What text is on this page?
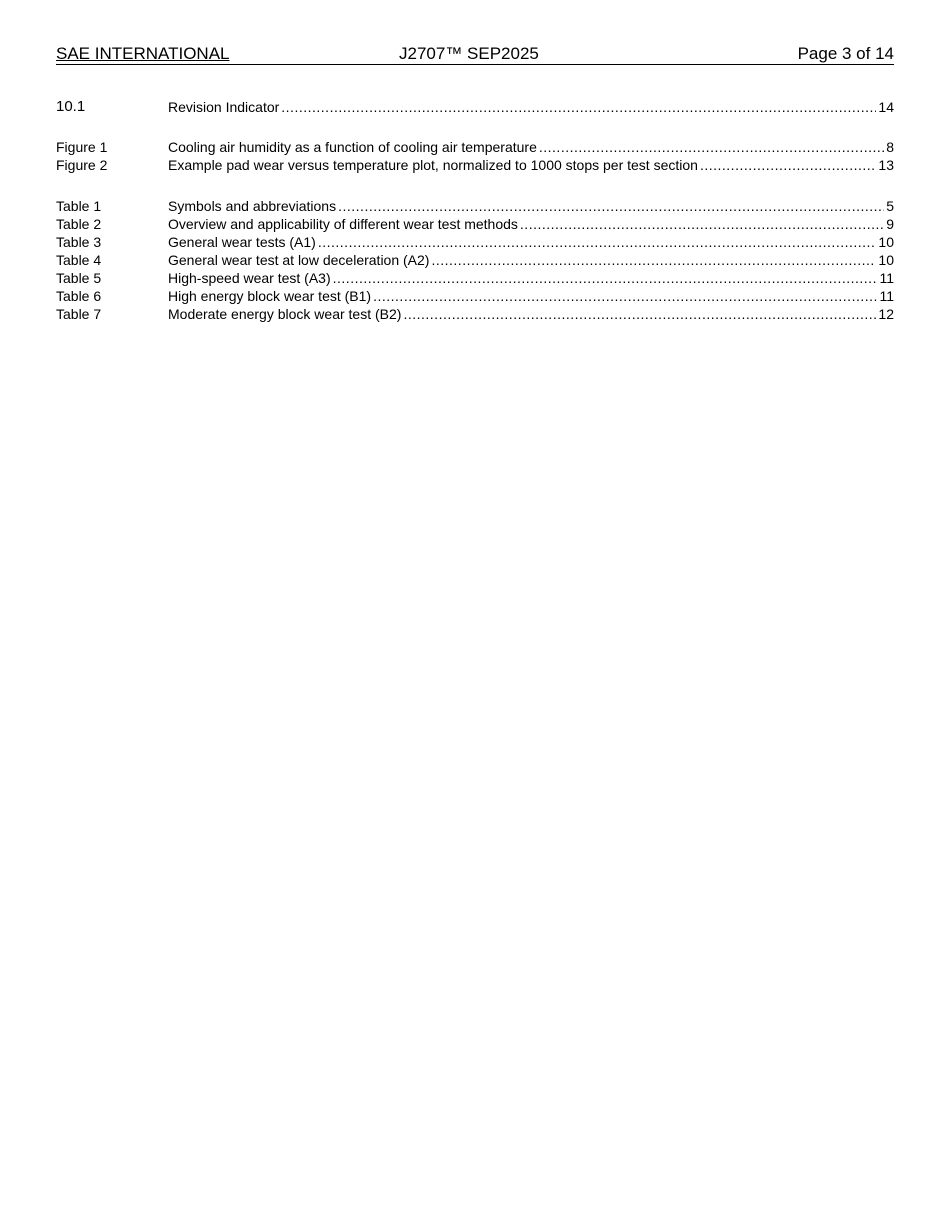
SAE INTERNATIONAL	J2707™ SEP2025	Page 3 of 14
10.1	Revision Indicator .....	14
Figure 1	Cooling air humidity as a function of cooling air temperature .....	8
Figure 2	Example pad wear versus temperature plot, normalized to 1000 stops per test section .....	13
Table 1	Symbols and abbreviations .....	5
Table 2	Overview and applicability of different wear test methods .....	9
Table 3	General wear tests (A1) .....	10
Table 4	General wear test at low deceleration (A2) .....	10
Table 5	High-speed wear test (A3) .....	11
Table 6	High energy block wear test (B1) .....	11
Table 7	Moderate energy block wear test (B2) .....	12
